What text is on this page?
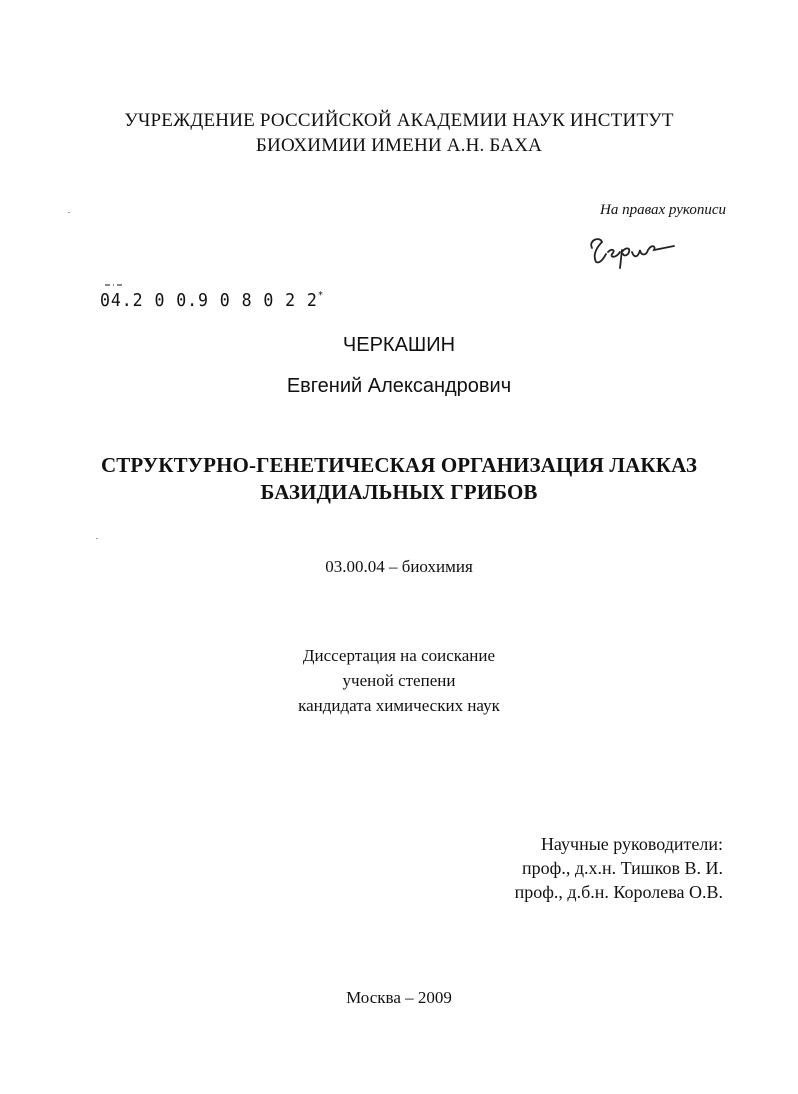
УЧРЕЖДЕНИЕ РОССИЙСКОЙ АКАДЕМИИ НАУК ИНСТИТУТ
БИОХИМИИ ИМЕНИ А.Н. БАХА
На правах рукописи
04.2 0 0.9 0 8 0 2 2*
ЧЕРКАШИН
Евгений Александрович
СТРУКТУРНО-ГЕНЕТИЧЕСКАЯ ОРГАНИЗАЦИЯ ЛАККАЗ
БАЗИДИАЛЬНЫХ ГРИБОВ
03.00.04 – биохимия
Диссертация на соискание
ученой степени
кандидата химических наук
Научные руководители:
проф., д.х.н. Тишков В. И.
проф., д.б.н. Королева О.В.
Москва – 2009
